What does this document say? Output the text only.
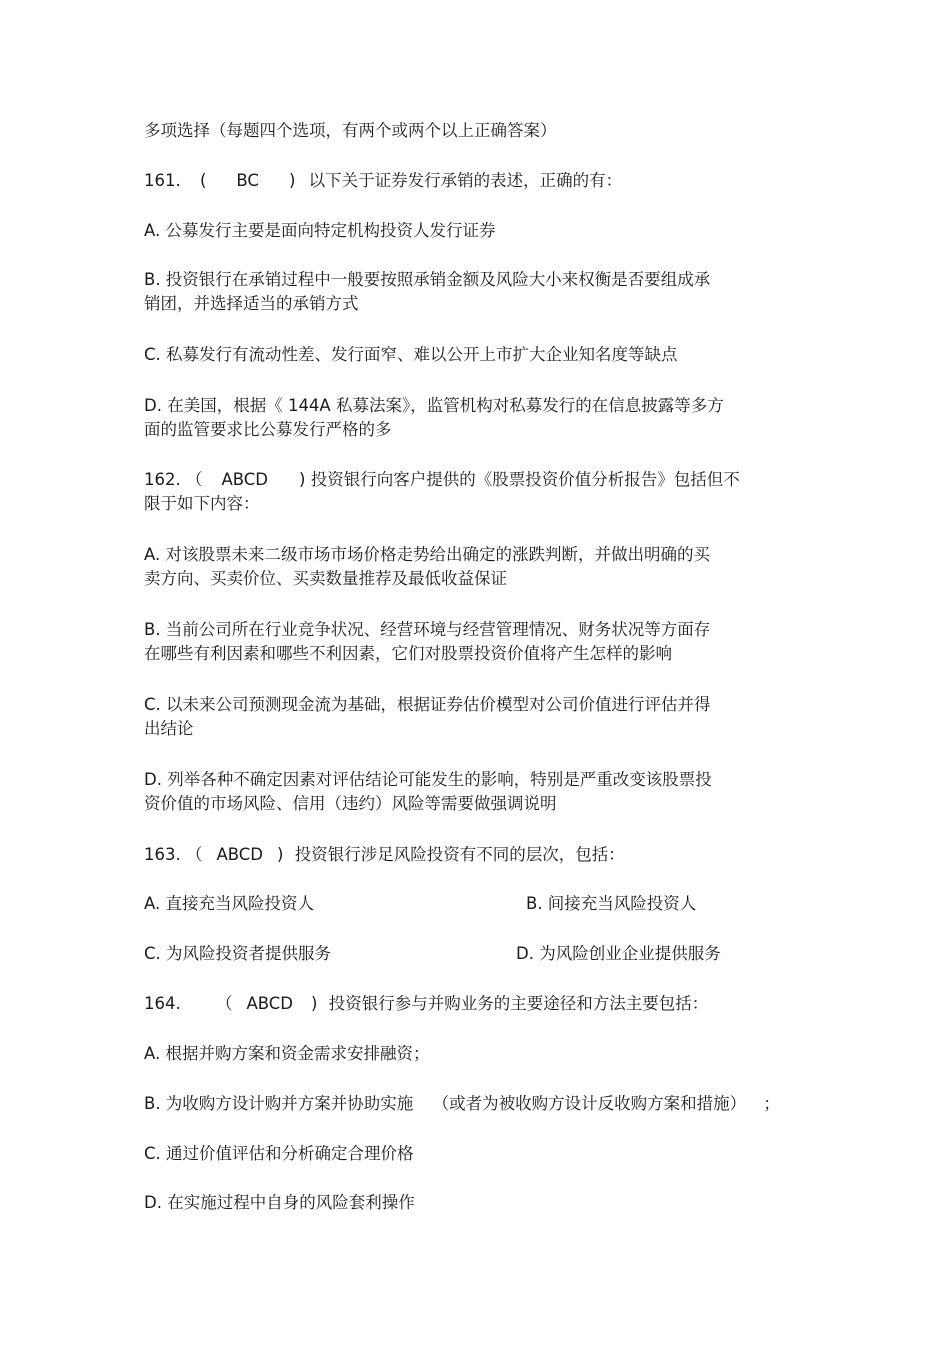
多项选择（每题四个选项，有两个或两个以上正确答案）
161. ( BC ) 以下关于证券发行承销的表述，正确的有：
A. 公募发行主要是面向特定机构投资人发行证券
B. 投资银行在承销过程中一般要按照承销金额及风险大小来权衡是否要组成承
销团，并选择适当的承销方式
C. 私募发行有流动性差、发行面窄、难以公开上市扩大企业知名度等缺点
D. 在美国，根据《 144A 私募法案》，监管机构对私募发行的在信息披露等多方
面的监管要求比公募发行严格的多
162. （ ABCD ) 投资银行向客户提供的《股票投资价值分析报告》包括但不
限于如下内容：
A. 对该股票未来二级市场市场价格走势给出确定的涨跌判断，并做出明确的买
卖方向、买卖价位、买卖数量推荐及最低收益保证
B. 当前公司所在行业竞争状况、经营环境与经营管理情况、财务状况等方面存
在哪些有利因素和哪些不利因素，它们对股票投资价值将产生怎样的影响
C. 以未来公司预测现金流为基础，根据证券估价模型对公司价值进行评估并得
出结论
D. 列举各种不确定因素对评估结论可能发生的影响，特别是严重改变该股票投
资价值的市场风险、信用（违约）风险等需要做强调说明
163. （ ABCD ) 投资银行涉足风险投资有不同的层次，包括：
A. 直接充当风险投资人	B. 间接充当风险投资人
C. 为风险投资者提供服务	D. 为风险创业企业提供服务
164. （ ABCD ) 投资银行参与并购业务的主要途径和方法主要包括：
A. 根据并购方案和资金需求安排融资；
B. 为收购方设计购并方案并协助实施 （或者为被收购方设计反收购方案和措施） ；
C. 通过价值评估和分析确定合理价格
D. 在实施过程中自身的风险套利操作
